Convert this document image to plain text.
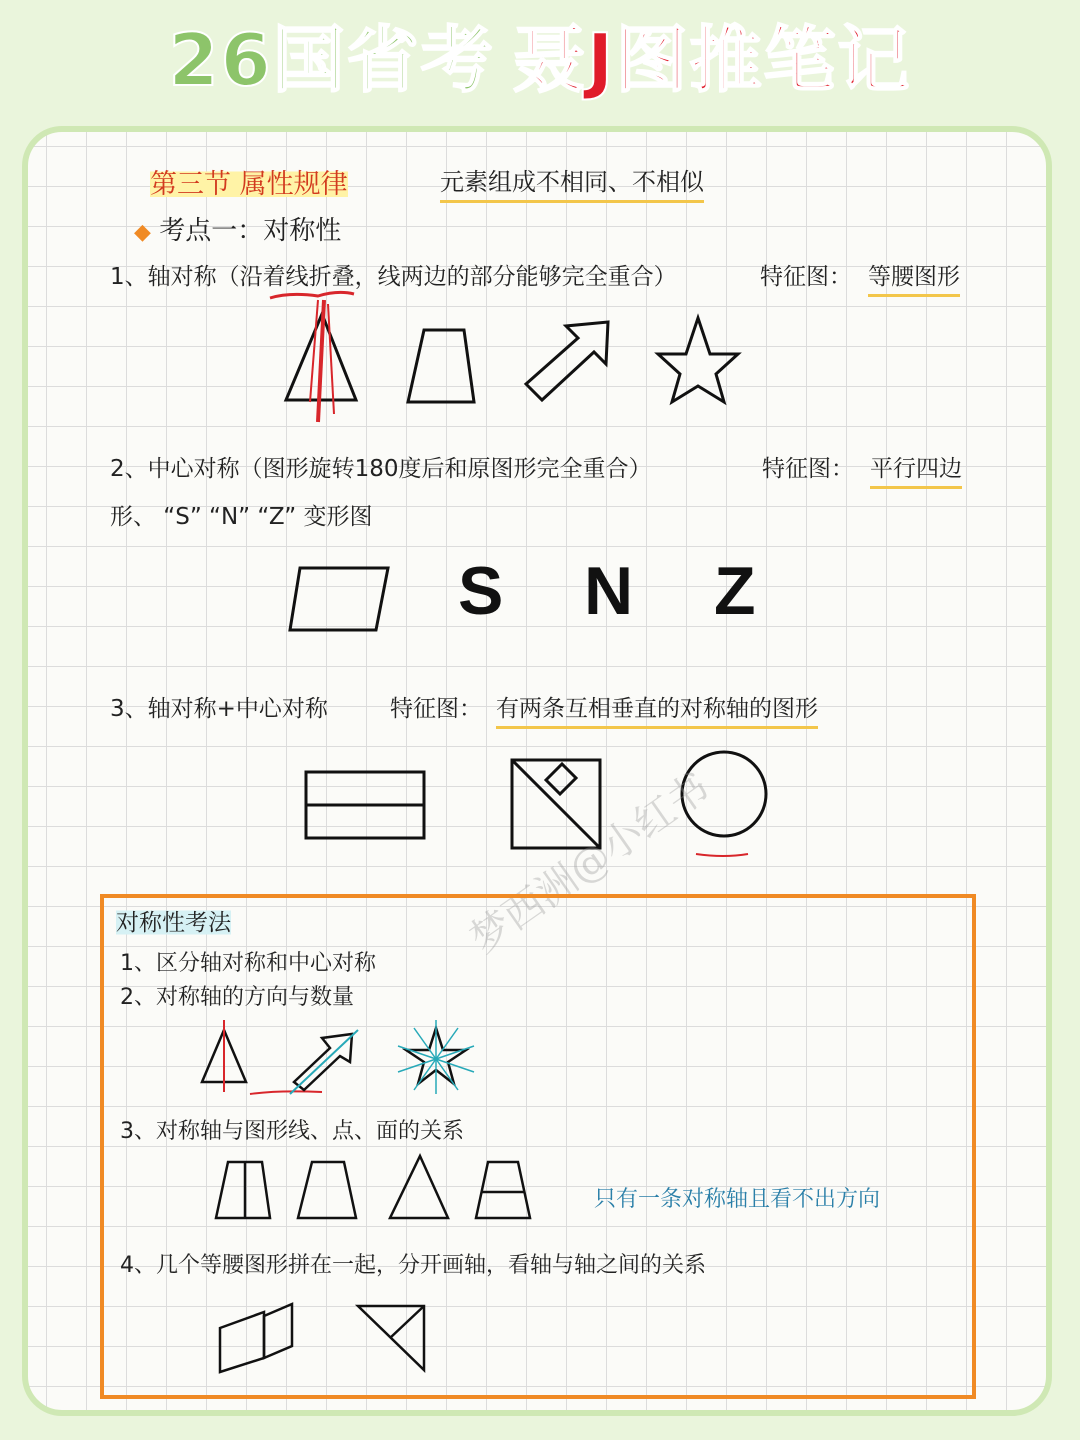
26国省考 聂J图推笔记
第三节 属性规律	元素组成不相同、不相似
◆ 考点一：对称性
1、轴对称（沿着线折叠，线两边的部分能够完全重合）	特征图： 等腰图形
2、中心对称（图形旋转180度后和原图形完全重合）	特征图： 平行四边
形、 “S” “N” “Z” 变形图
S N Z
3、轴对称+中心对称	特征图： 有两条互相垂直的对称轴的图形
梦西洲@小红书
对称性考法
1、区分轴对称和中心对称
2、对称轴的方向与数量
3、对称轴与图形线、点、面的关系
只有一条对称轴且看不出方向
4、几个等腰图形拼在一起，分开画轴，看轴与轴之间的关系
